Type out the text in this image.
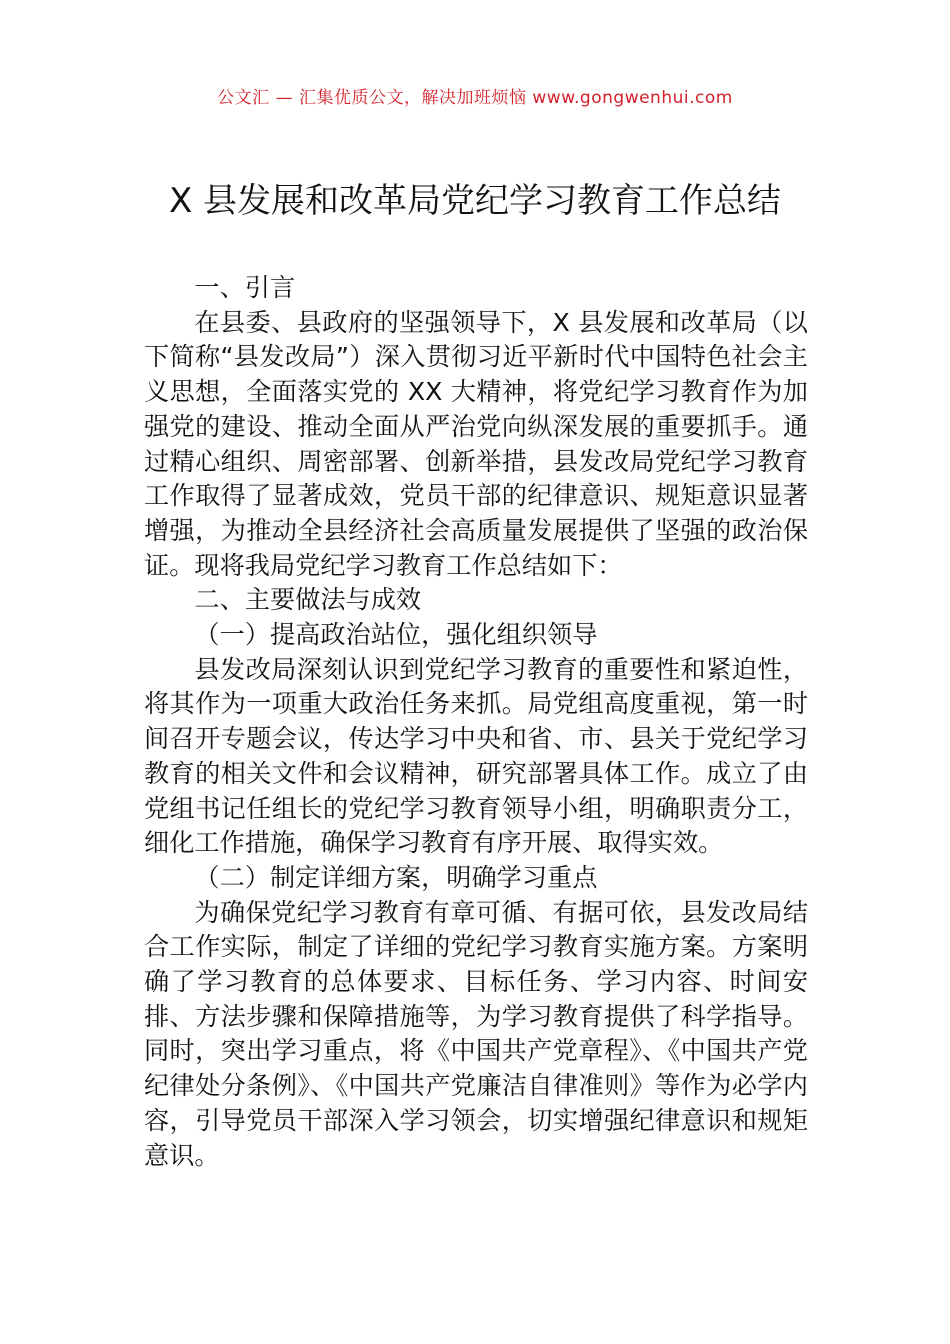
公文汇 — 汇集优质公文，解决加班烦恼 www.gongwenhui.com
X 县发展和改革局党纪学习教育工作总结

一、引言

在县委、县政府的坚强领导下，X 县发展和改革局（以下简称“县发改局”）深入贯彻习近平新时代中国特色社会主义思想，全面落实党的 XX 大精神，将党纪学习教育作为加强党的建设、推动全面从严治党向纵深发展的重要抓手。通过精心组织、周密部署、创新举措，县发改局党纪学习教育工作取得了显著成效，党员干部的纪律意识、规矩意识显著增强，为推动全县经济社会高质量发展提供了坚强的政治保证。现将我局党纪学习教育工作总结如下：

二、主要做法与成效

（一）提高政治站位，强化组织领导

县发改局深刻认识到党纪学习教育的重要性和紧迫性，将其作为一项重大政治任务来抓。局党组高度重视，第一时间召开专题会议，传达学习中央和省、市、县关于党纪学习教育的相关文件和会议精神，研究部署具体工作。成立了由党组书记任组长的党纪学习教育领导小组，明确职责分工，细化工作措施，确保学习教育有序开展、取得实效。

（二）制定详细方案，明确学习重点

为确保党纪学习教育有章可循、有据可依，县发改局结合工作实际，制定了详细的党纪学习教育实施方案。方案明确了学习教育的总体要求、目标任务、学习内容、时间安排、方法步骤和保障措施等，为学习教育提供了科学指导。同时，突出学习重点，将《中国共产党章程》、《中国共产党纪律处分条例》、《中国共产党廉洁自律准则》等作为必学内容，引导党员干部深入学习领会，切实增强纪律意识和规矩意识。
